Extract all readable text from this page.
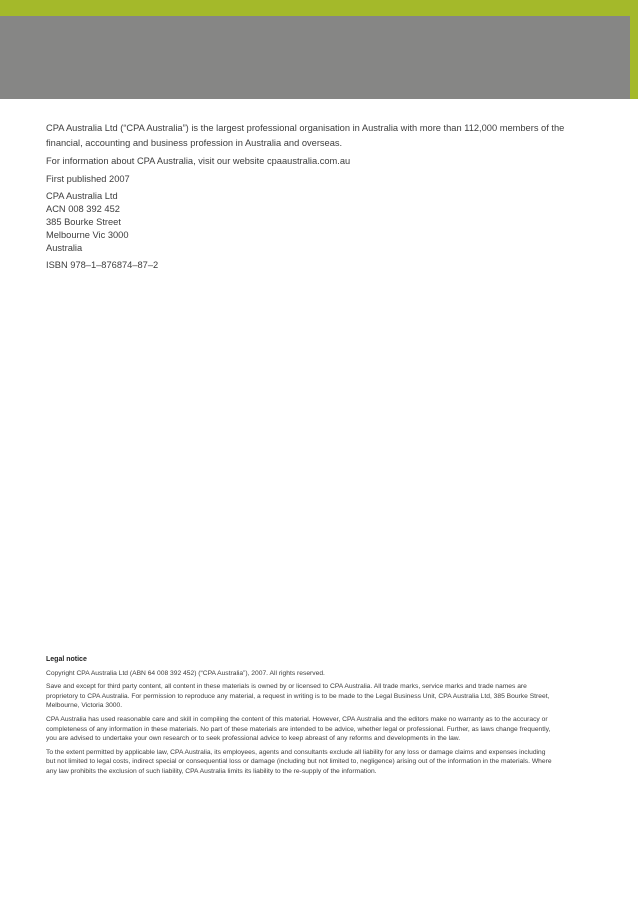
CPA Australia Ltd (“CPA Australia”) is the largest professional organisation in Australia with more than 112,000 members of the financial, accounting and business profession in Australia and overseas.

For information about CPA Australia, visit our website cpaaustralia.com.au

First published 2007

CPA Australia Ltd
ACN 008 392 452
385 Bourke Street
Melbourne Vic 3000
Australia

ISBN 978–1–876874–87–2

Legal notice

Copyright CPA Australia Ltd (ABN 64 008 392 452) (“CPA Australia”), 2007. All rights reserved.

Save and except for third party content, all content in these materials is owned by or licensed to CPA Australia. All trade marks, service marks and trade names are proprietory to CPA Australia. For permission to reproduce any material, a request in writing is to be made to the Legal Business Unit, CPA Australia Ltd, 385 Bourke Street, Melbourne, Victoria 3000.

CPA Australia has used reasonable care and skill in compiling the content of this material. However, CPA Australia and the editors make no warranty as to the accuracy or completeness of any information in these materials. No part of these materials are intended to be advice, whether legal or professional. Further, as laws change frequently, you are advised to undertake your own research or to seek professional advice to keep abreast of any reforms and developments in the law.

To the extent permitted by applicable law, CPA Australia, its employees, agents and consultants exclude all liability for any loss or damage claims and expenses including but not limited to legal costs, indirect special or consequential loss or damage (including but not limited to, negligence) arising out of the information in the materials. Where any law prohibits the exclusion of such liability, CPA Australia limits its liability to the re-supply of the information.
